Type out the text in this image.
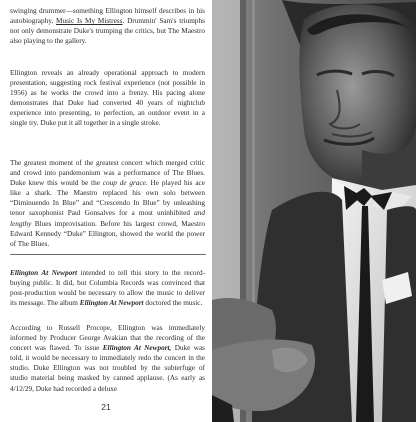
swinging drummer—something Ellington himself describes in his autobiography, Music Is My Mistress. Drummin' Sam's triumphs not only demonstrate Duke's trumping the critics, but The Maestro also playing to the gallery.

Ellington reveals an already operational approach to modern presentation, suggesting rock festival experience (not possible in 1956) as he works the crowd into a frenzy. His pacing alone demonstrates that Duke had converted 40 years of nightclub experience into presenting, to perfection, an outdoor event in a single try. Duke put it all together in a single stroke.

The greatest moment of the greatest concert which merged critic and crowd into pandemonium was a performance of The Blues. Duke knew this would be the coup de grace. He played his ace like a shark. The Maestro replaced his own solo between “Diminuendo In Blue” and “Crescendo In Blue” by unleashing tenor saxophonist Paul Gonsalves for a most uninhibited and lengthy Blues improvisation. Before his largest crowd, Maestro Edward Kennedy “Duke” Ellington, showed the world the power of The Blues.

Ellington At Newport intended to tell this story to the record-buying public. It did, but Columbia Records was convinced that post-production would be necessary to allow the music to deliver its message. The album Ellington At Newport doctored the music.

According to Russell Procope, Ellington was immediately informed by Producer George Avakian that the recording of the concert was flawed. To issue Ellington At Newport, Duke was told, it would be necessary to immediately redo the concert in the studio. Duke Ellington was not troubled by the subterfuge of studio material being masked by canned applause. (As early as 4/12/29, Duke had recorded a deluxe

21
